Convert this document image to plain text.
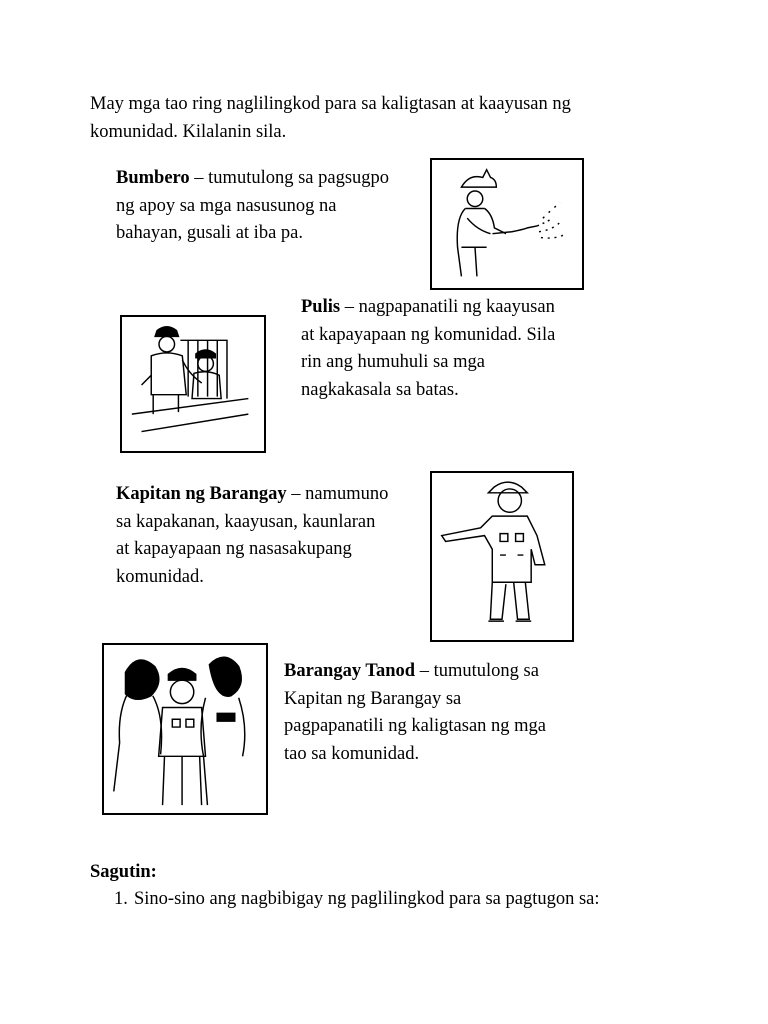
May mga tao ring naglilingkod para sa kaligtasan at kaayusan ng
komunidad. Kilalanin sila.
Bumbero – tumutulong sa pagsugpo
ng apoy sa mga nasusunog na
bahayan, gusali at iba pa.
Pulis – nagpapanatili ng kaayusan
at kapayapaan ng komunidad. Sila
rin ang humuhuli sa mga
nagkakasala sa batas.
Kapitan ng Barangay – namumuno
sa kapakanan, kaayusan, kaunlaran
at kapayapaan ng nasasakupang
komunidad.
Barangay Tanod – tumutulong sa
Kapitan ng Barangay sa
pagpapanatili ng kaligtasan ng mga
tao sa komunidad.
Sagutin:
1. Sino-sino ang nagbibigay ng paglilingkod para sa pagtugon sa:
